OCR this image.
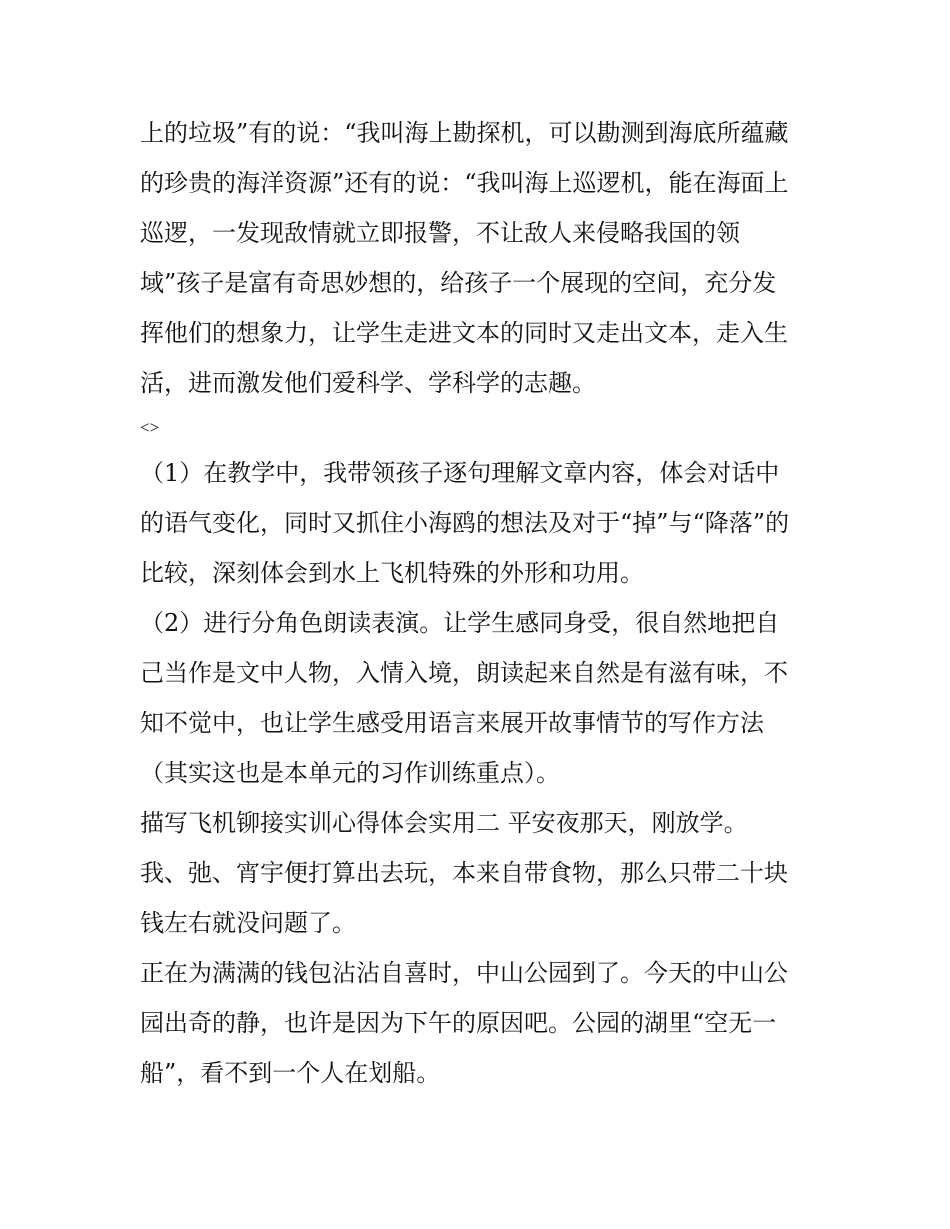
上的垃圾”有的说：“我叫海上勘探机，可以勘测到海底所蕴藏
的珍贵的海洋资源”还有的说：“我叫海上巡逻机，能在海面上
巡逻，一发现敌情就立即报警，不让敌人来侵略我国的领
域”孩子是富有奇思妙想的，给孩子一个展现的空间，充分发
挥他们的想象力，让学生走进文本的同时又走出文本，走入生
活，进而激发他们爱科学、学科学的志趣。
<>
（1）在教学中，我带领孩子逐句理解文章内容，体会对话中
的语气变化，同时又抓住小海鸥的想法及对于“掉”与“降落”的
比较，深刻体会到水上飞机特殊的外形和功用。
（2）进行分角色朗读表演。让学生感同身受，很自然地把自
己当作是文中人物，入情入境，朗读起来自然是有滋有味，不
知不觉中，也让学生感受用语言来展开故事情节的写作方法
（其实这也是本单元的习作训练重点）。
描写飞机铆接实训心得体会实用二 平安夜那天，刚放学。
我、弛、宵宇便打算出去玩，本来自带食物，那么只带二十块
钱左右就没问题了。
正在为满满的钱包沾沾自喜时，中山公园到了。今天的中山公
园出奇的静，也许是因为下午的原因吧。公园的湖里“空无一
船”，看不到一个人在划船。
